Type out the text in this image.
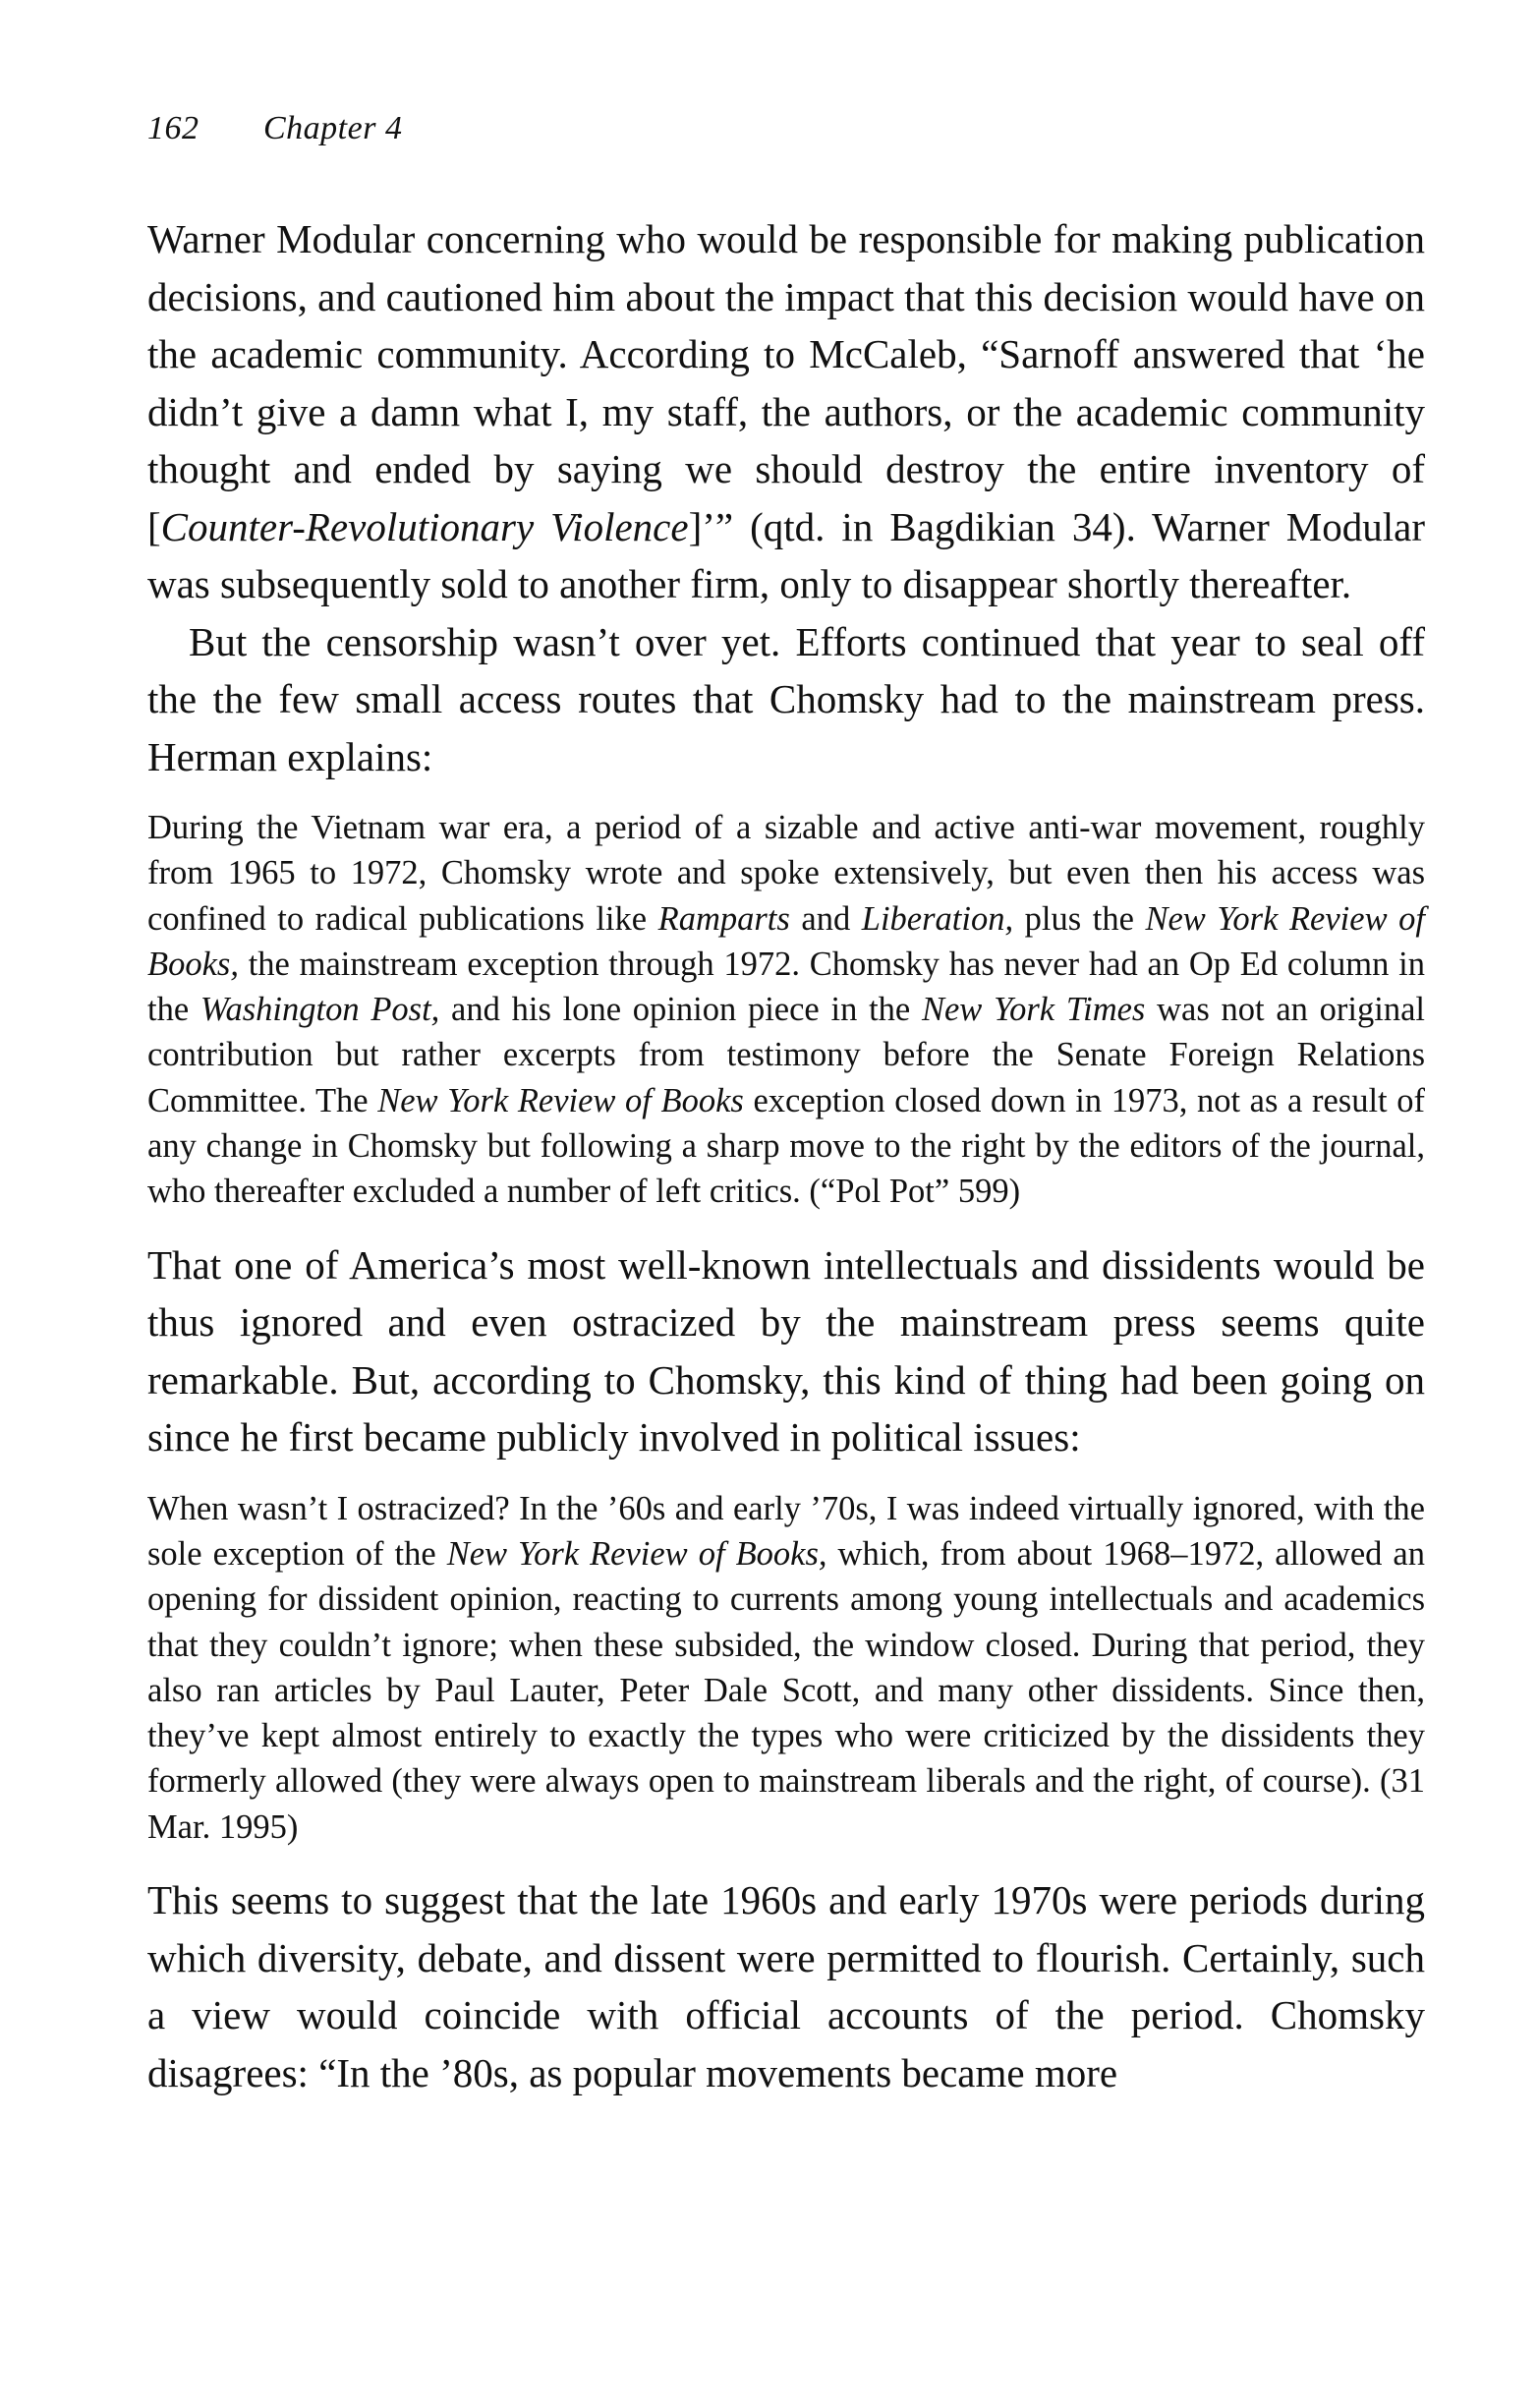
162 Chapter 4

Warner Modular concerning who would be responsible for making publication decisions, and cautioned him about the impact that this decision would have on the academic community. According to McCaleb, “Sarnoff answered that ‘he didn’t give a damn what I, my staff, the authors, or the academic community thought and ended by saying we should destroy the entire inventory of [Counter-Revolutionary Violence]’” (qtd. in Bagdikian 34). Warner Modular was subsequently sold to another firm, only to disappear shortly thereafter.

But the censorship wasn’t over yet. Efforts continued that year to seal off the the few small access routes that Chomsky had to the mainstream press. Herman explains:

During the Vietnam war era, a period of a sizable and active anti-war movement, roughly from 1965 to 1972, Chomsky wrote and spoke extensively, but even then his access was confined to radical publications like Ramparts and Liberation, plus the New York Review of Books, the mainstream exception through 1972. Chomsky has never had an Op Ed column in the Washington Post, and his lone opinion piece in the New York Times was not an original contribution but rather excerpts from testimony before the Senate Foreign Relations Committee. The New York Review of Books exception closed down in 1973, not as a result of any change in Chomsky but following a sharp move to the right by the editors of the journal, who thereafter excluded a number of left critics. (“Pol Pot” 599)

That one of America’s most well-known intellectuals and dissidents would be thus ignored and even ostracized by the mainstream press seems quite remarkable. But, according to Chomsky, this kind of thing had been going on since he first became publicly involved in political issues:

When wasn’t I ostracized? In the ’60s and early ’70s, I was indeed virtually ignored, with the sole exception of the New York Review of Books, which, from about 1968–1972, allowed an opening for dissident opinion, reacting to currents among young intellectuals and academics that they couldn’t ignore; when these subsided, the window closed. During that period, they also ran articles by Paul Lauter, Peter Dale Scott, and many other dissidents. Since then, they’ve kept almost entirely to exactly the types who were criticized by the dissidents they formerly allowed (they were always open to mainstream liberals and the right, of course). (31 Mar. 1995)

This seems to suggest that the late 1960s and early 1970s were periods during which diversity, debate, and dissent were permitted to flourish. Certainly, such a view would coincide with official accounts of the period. Chomsky disagrees: “In the ’80s, as popular movements became more
